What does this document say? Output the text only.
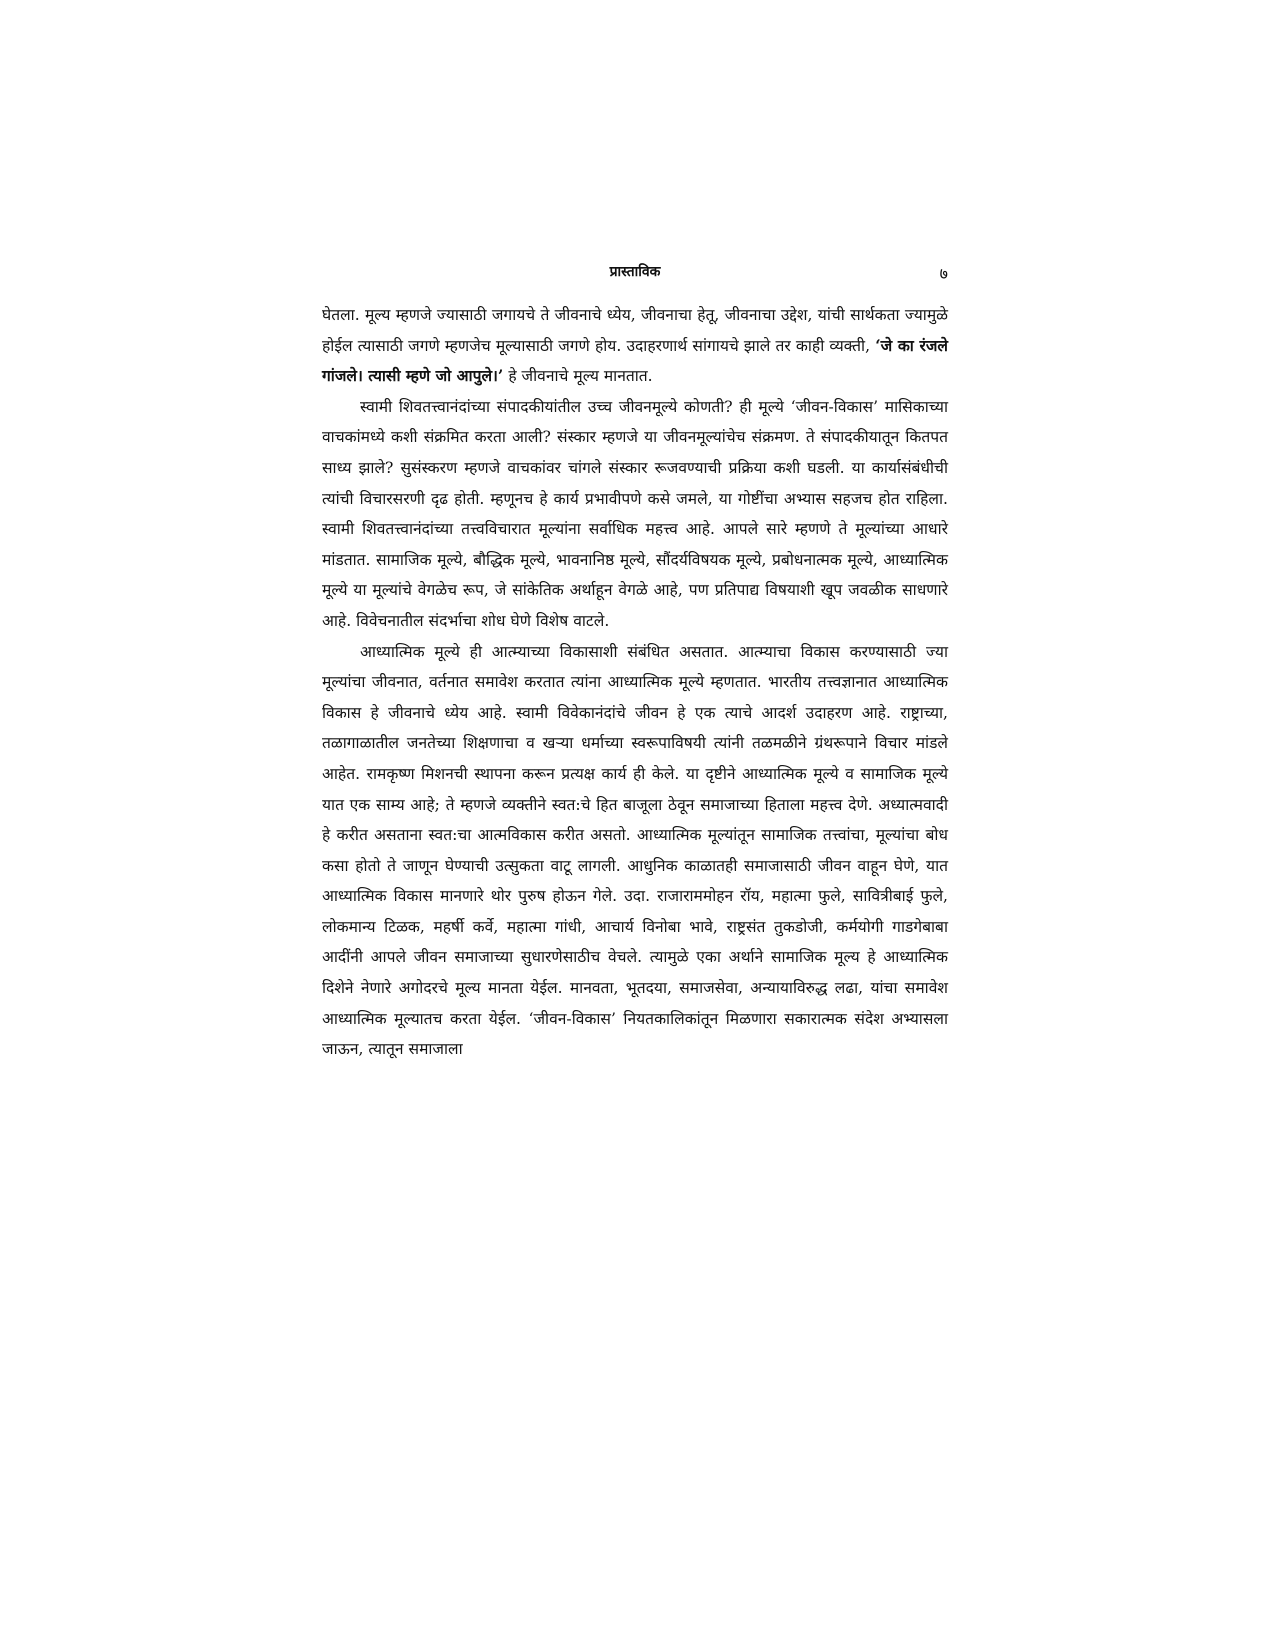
प्रास्ताविक	७

घेतला. मूल्य म्हणजे ज्यासाठी जगायचे ते जीवनाचे ध्येय, जीवनाचा हेतू, जीवनाचा उद्देश, यांची सार्थकता ज्यामुळे होईल त्यासाठी जगणे म्हणजेच मूल्यासाठी जगणे होय. उदाहरणार्थ सांगायचे झाले तर काही व्यक्ती, ‘जे का रंजले गांजले। त्यासी म्हणे जो आपुले।’ हे जीवनाचे मूल्य मानतात.

स्वामी शिवतत्त्वानंदांच्या संपादकीयांतील उच्च जीवनमूल्ये कोणती? ही मूल्ये ‘जीवन-विकास’ मासिकाच्या वाचकांमध्ये कशी संक्रमित करता आली? संस्कार म्हणजे या जीवनमूल्यांचेच संक्रमण. ते संपादकीयातून कितपत साध्य झाले? सुसंस्करण म्हणजे वाचकांवर चांगले संस्कार रूजवण्याची प्रक्रिया कशी घडली. या कार्यासंबंधीची त्यांची विचारसरणी दृढ होती. म्हणूनच हे कार्य प्रभावीपणे कसे जमले, या गोष्टींचा अभ्यास सहजच होत राहिला. स्वामी शिवतत्त्वानंदांच्या तत्त्वविचारात मूल्यांना सर्वाधिक महत्त्व आहे. आपले सारे म्हणणे ते मूल्यांच्या आधारे मांडतात. सामाजिक मूल्ये, बौद्धिक मूल्ये, भावनानिष्ठ मूल्ये, सौंदर्यविषयक मूल्ये, प्रबोधनात्मक मूल्ये, आध्यात्मिक मूल्ये या मूल्यांचे वेगळेच रूप, जे सांकेतिक अर्थाहून वेगळे आहे, पण प्रतिपाद्य विषयाशी खूप जवळीक साधणारे आहे. विवेचनातील संदर्भाचा शोध घेणे विशेष वाटले.

आध्यात्मिक मूल्ये ही आत्म्याच्या विकासाशी संबंधित असतात. आत्म्याचा विकास करण्यासाठी ज्या मूल्यांचा जीवनात, वर्तनात समावेश करतात त्यांना आध्यात्मिक मूल्ये म्हणतात. भारतीय तत्त्वज्ञानात आध्यात्मिक विकास हे जीवनाचे ध्येय आहे. स्वामी विवेकानंदांचे जीवन हे एक त्याचे आदर्श उदाहरण आहे. राष्ट्राच्या, तळागाळातील जनतेच्या शिक्षणाचा व खऱ्या धर्माच्या स्वरूपाविषयी त्यांनी तळमळीने ग्रंथरूपाने विचार मांडले आहेत. रामकृष्ण मिशनची स्थापना करून प्रत्यक्ष कार्य ही केले. या दृष्टीने आध्यात्मिक मूल्ये व सामाजिक मूल्ये यात एक साम्य आहे; ते म्हणजे व्यक्तीने स्वत:चे हित बाजूला ठेवून समाजाच्या हिताला महत्त्व देणे. अध्यात्मवादी हे करीत असताना स्वत:चा आत्मविकास करीत असतो. आध्यात्मिक मूल्यांतून सामाजिक तत्त्वांचा, मूल्यांचा बोध कसा होतो ते जाणून घेण्याची उत्सुकता वाटू लागली. आधुनिक काळातही समाजासाठी जीवन वाहून घेणे, यात आध्यात्मिक विकास मानणारे थोर पुरुष होऊन गेले. उदा. राजाराममोहन रॉय, महात्मा फुले, सावित्रीबाई फुले, लोकमान्य टिळक, महर्षी कर्वे, महात्मा गांधी, आचार्य विनोबा भावे, राष्ट्रसंत तुकडोजी, कर्मयोगी गाडगेबाबा आदींनी आपले जीवन समाजाच्या सुधारणेसाठीच वेचले. त्यामुळे एका अर्थाने सामाजिक मूल्य हे आध्यात्मिक दिशेने नेणारे अगोदरचे मूल्य मानता येईल. मानवता, भूतदया, समाजसेवा, अन्यायाविरुद्ध लढा, यांचा समावेश आध्यात्मिक मूल्यातच करता येईल. ‘जीवन-विकास’ नियतकालिकांतून मिळणारा सकारात्मक संदेश अभ्यासला जाऊन, त्यातून समाजाला
